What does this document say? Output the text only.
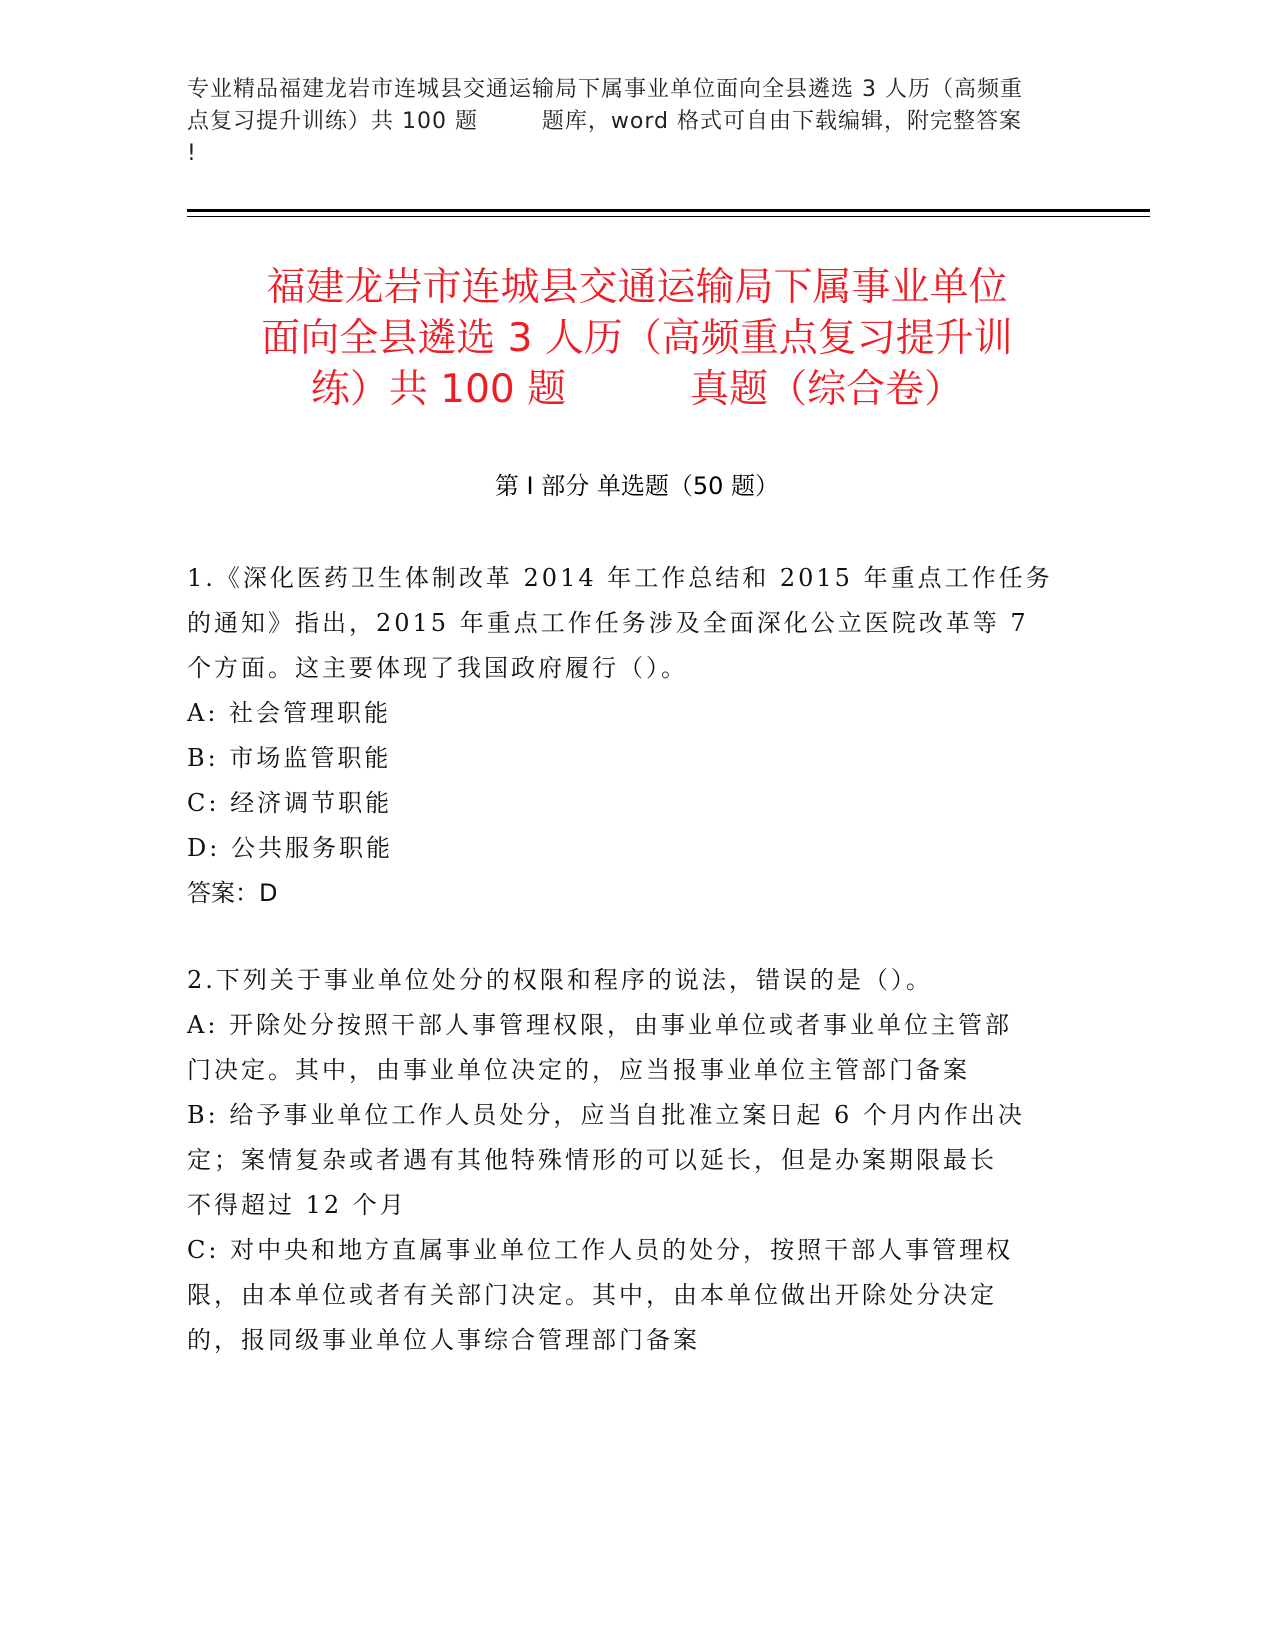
专业精品福建龙岩市连城县交通运输局下属事业单位面向全县遴选 3 人历（高频重
点复习提升训练）共 100 题        题库，word 格式可自由下载编辑，附完整答案
!
福建龙岩市连城县交通运输局下属事业单位
面向全县遴选 3 人历（高频重点复习提升训
练）共 100 题          真题（综合卷）
第 I 部分 单选题（50 题）
1.《深化医药卫生体制改革 2014 年工作总结和 2015 年重点工作任务
的通知》指出，2015 年重点工作任务涉及全面深化公立医院改革等 7
个方面。这主要体现了我国政府履行（）。
A: 社会管理职能
B: 市场监管职能
C: 经济调节职能
D: 公共服务职能
答案：D
2.下列关于事业单位处分的权限和程序的说法，错误的是（）。
A: 开除处分按照干部人事管理权限，由事业单位或者事业单位主管部
门决定。其中，由事业单位决定的，应当报事业单位主管部门备案
B: 给予事业单位工作人员处分，应当自批准立案日起 6 个月内作出决
定；案情复杂或者遇有其他特殊情形的可以延长，但是办案期限最长
不得超过 12 个月
C: 对中央和地方直属事业单位工作人员的处分，按照干部人事管理权
限，由本单位或者有关部门决定。其中，由本单位做出开除处分决定
的，报同级事业单位人事综合管理部门备案
